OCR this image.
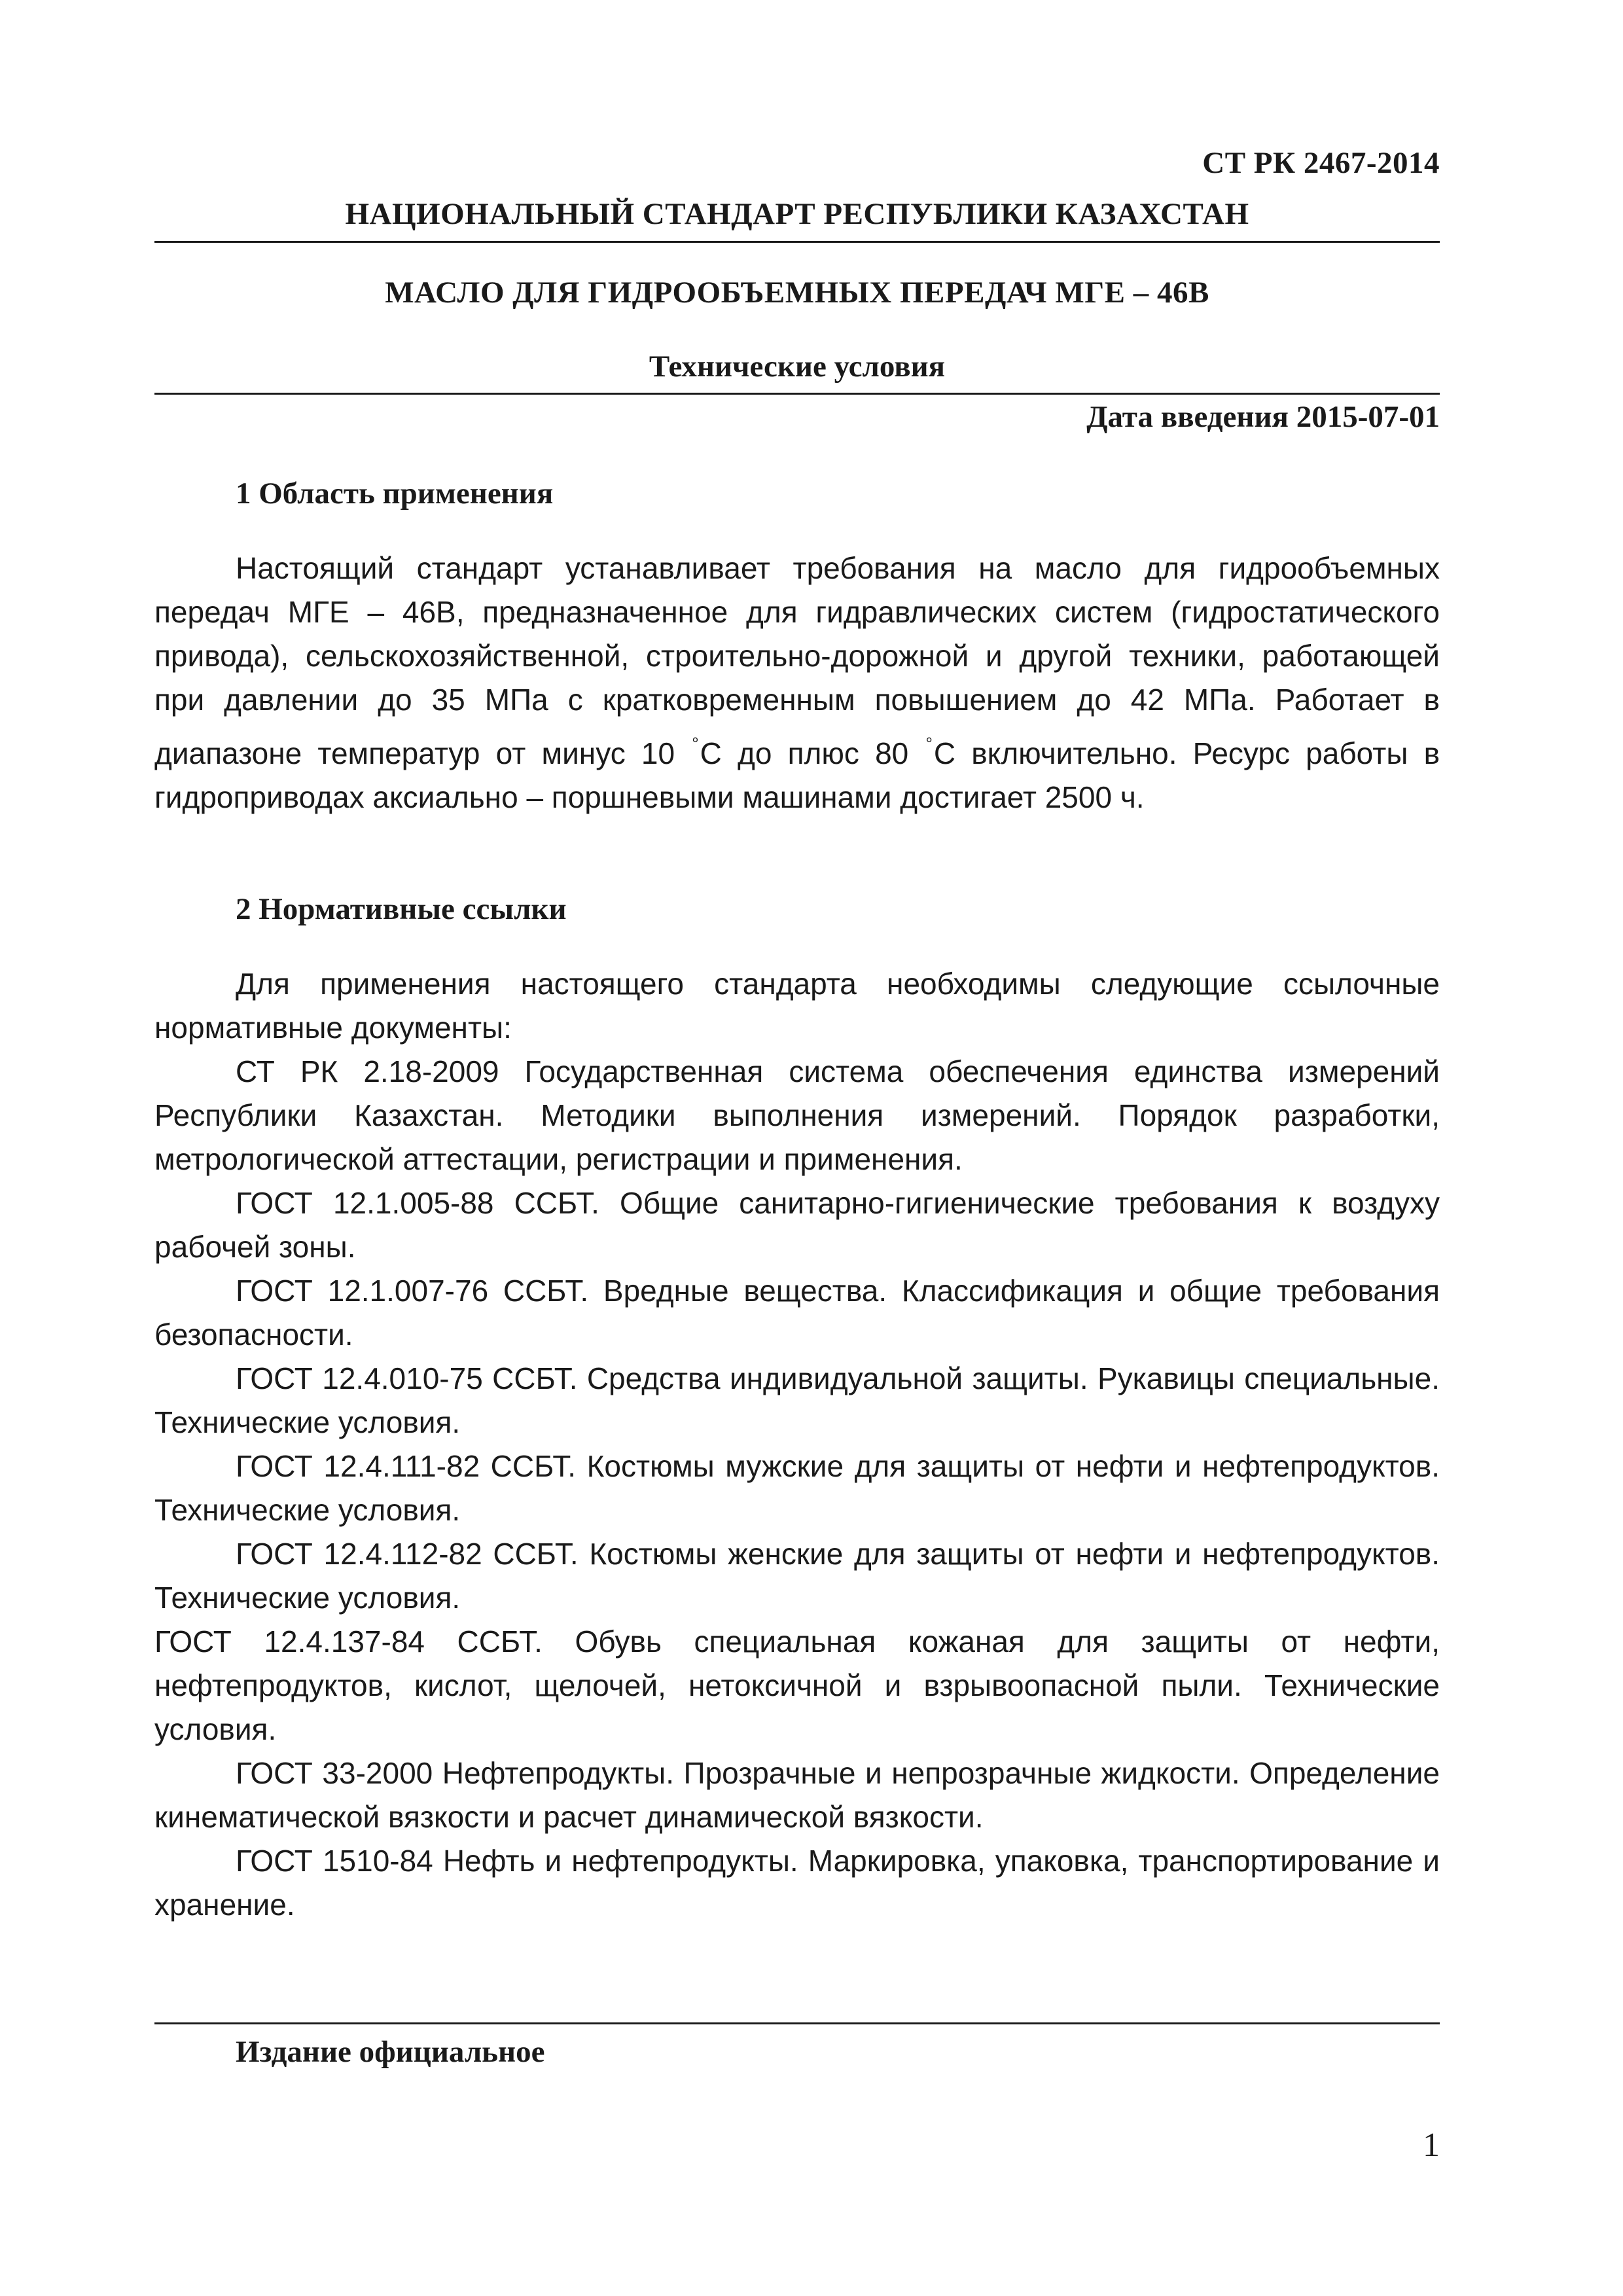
СТ РК 2467-2014
НАЦИОНАЛЬНЫЙ СТАНДАРТ РЕСПУБЛИКИ КАЗАХСТАН
МАСЛО ДЛЯ ГИДРООБЪЕМНЫХ ПЕРЕДАЧ МГЕ – 46В
Технические условия
Дата введения 2015-07-01
1 Область применения
Настоящий стандарт устанавливает требования на масло для гидрообъемных передач МГЕ – 46В, предназначенное для гидравлических систем (гидростатического привода), сельскохозяйственной, строительно-дорожной и другой техники, работающей при давлении до 35 МПа с кратковременным повышением до 42 МПа. Работает в диапазоне температур от минус 10 °С до плюс 80 °С включительно. Ресурс работы в гидроприводах аксиально – поршневыми машинами достигает 2500 ч.
2 Нормативные ссылки
Для применения настоящего стандарта необходимы следующие ссылочные нормативные документы:
СТ РК 2.18-2009 Государственная система обеспечения единства измерений Республики Казахстан. Методики выполнения измерений. Порядок разработки, метрологической аттестации, регистрации и применения.
ГОСТ 12.1.005-88 ССБТ. Общие санитарно-гигиенические требования к воздуху рабочей зоны.
ГОСТ 12.1.007-76 ССБТ. Вредные вещества. Классификация и общие требования безопасности.
ГОСТ 12.4.010-75 ССБТ. Средства индивидуальной защиты. Рукавицы специальные. Технические условия.
ГОСТ 12.4.111-82 ССБТ. Костюмы мужские для защиты от нефти и нефтепродуктов. Технические условия.
ГОСТ 12.4.112-82 ССБТ. Костюмы женские для защиты от нефти и нефтепродуктов. Технические условия.
ГОСТ 12.4.137-84 ССБТ. Обувь специальная кожаная для защиты от нефти, нефтепродуктов, кислот, щелочей, нетоксичной и взрывоопасной пыли. Технические условия.
ГОСТ 33-2000 Нефтепродукты. Прозрачные и непрозрачные жидкости. Определение кинематической вязкости и расчет динамической вязкости.
ГОСТ 1510-84 Нефть и нефтепродукты. Маркировка, упаковка, транспортирование и хранение.
Издание официальное
1
